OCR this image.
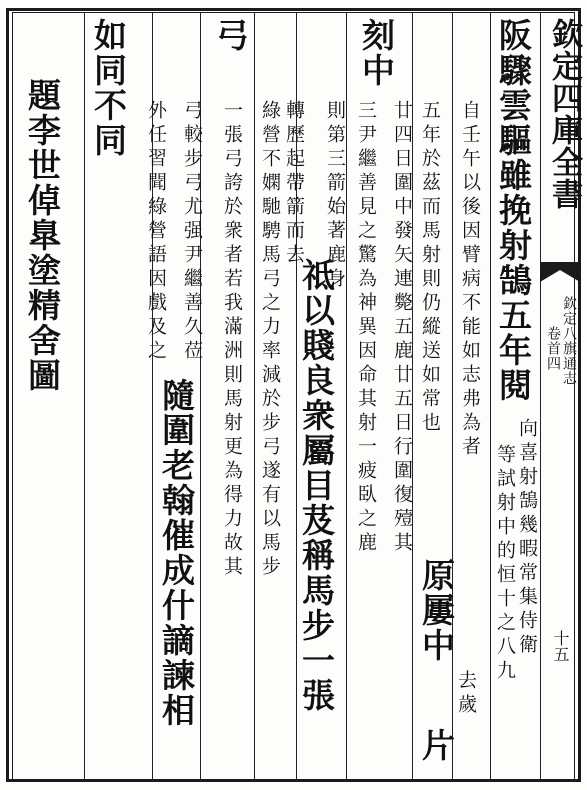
欽定四庫全書
欽定八旗通志
卷首四
十五
阪驟雲驅雖挽射鵠五年閱
向喜射鵠幾暇常集侍衛
等試射中的恒十之八九
自壬午以後因臂病不能如志弗為者
五年於茲而馬射則仍縱送如常也
原屢中
去歲
片
刻中
廿四日圍中發矢連斃五鹿廿五日行圍復殪其
三尹繼善見之驚為神異因命其射一疲臥之鹿
則第三箭始著鹿身
祗以賤良衆屬目芨稱馬步一張
轉歷起帶箭而去
弓
綠營不嫻馳騁馬弓之力率減於步弓遂有以馬步
一張弓誇於衆者若我滿洲則馬射更為得力故其
弓較步弓尤强尹繼善久莅
外任習聞綠營語因戲及之
隨圍老翰催成什謫諫相
如同不同
題李世倬臯塗精舍圖
